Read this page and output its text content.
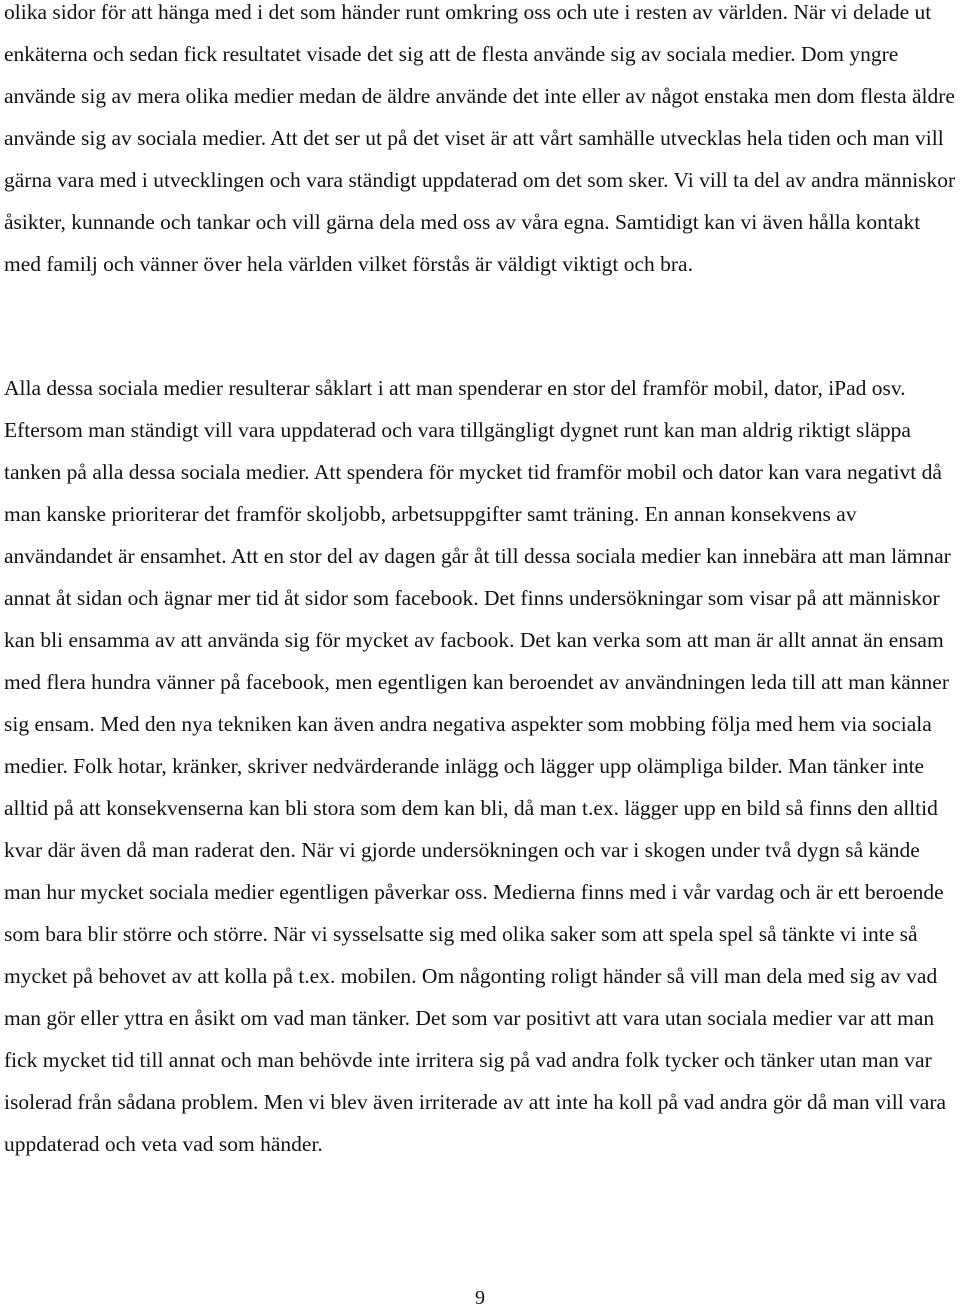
olika sidor för att hänga med i det som händer runt omkring oss och ute i resten av världen. När vi delade ut enkäterna och sedan fick resultatet visade det sig att de flesta använde sig av sociala medier. Dom yngre använde sig av mera olika medier medan de äldre använde det inte eller av något enstaka men dom flesta äldre använde sig av sociala medier. Att det ser ut på det viset är att vårt samhälle utvecklas hela tiden och man vill gärna vara med i utvecklingen och vara ständigt uppdaterad om det som sker. Vi vill ta del av andra människor åsikter, kunnande och tankar och vill gärna dela med oss av våra egna. Samtidigt kan vi även hålla kontakt med familj och vänner över hela världen vilket förstås är väldigt viktigt och bra.

Alla dessa sociala medier resulterar såklart i att man spenderar en stor del framför mobil, dator, iPad osv. Eftersom man ständigt vill vara uppdaterad och vara tillgängligt dygnet runt kan man aldrig riktigt släppa tanken på alla dessa sociala medier. Att spendera för mycket tid framför mobil och dator kan vara negativt då man kanske prioriterar det framför skoljobb, arbetsuppgifter samt träning. En annan konsekvens av användandet är ensamhet. Att en stor del av dagen går åt till dessa sociala medier kan innebära att man lämnar annat åt sidan och ägnar mer tid åt sidor som facebook. Det finns undersökningar som visar på att människor kan bli ensamma av att använda sig för mycket av facbook. Det kan verka som att man är allt annat än ensam med flera hundra vänner på facebook, men egentligen kan beroendet av användningen leda till att man känner sig ensam. Med den nya tekniken kan även andra negativa aspekter som mobbing följa med hem via sociala medier. Folk hotar, kränker, skriver nedvärderande inlägg och lägger upp olämpliga bilder. Man tänker inte alltid på att konsekvenserna kan bli stora som dem kan bli, då man t.ex. lägger upp en bild så finns den alltid kvar där även då man raderat den. När vi gjorde undersökningen och var i skogen under två dygn så kände man hur mycket sociala medier egentligen påverkar oss. Medierna finns med i vår vardag och är ett beroende som bara blir större och större. När vi sysselsatte sig med olika saker som att spela spel så tänkte vi inte så mycket på behovet av att kolla på t.ex. mobilen. Om någonting roligt händer så vill man dela med sig av vad man gör eller yttra en åsikt om vad man tänker. Det som var positivt att vara utan sociala medier var att man fick mycket tid till annat och man behövde inte irritera sig på vad andra folk tycker och tänker utan man var isolerad från sådana problem. Men vi blev även irriterade av att inte ha koll på vad andra gör då man vill vara uppdaterad och veta vad som händer.

9
